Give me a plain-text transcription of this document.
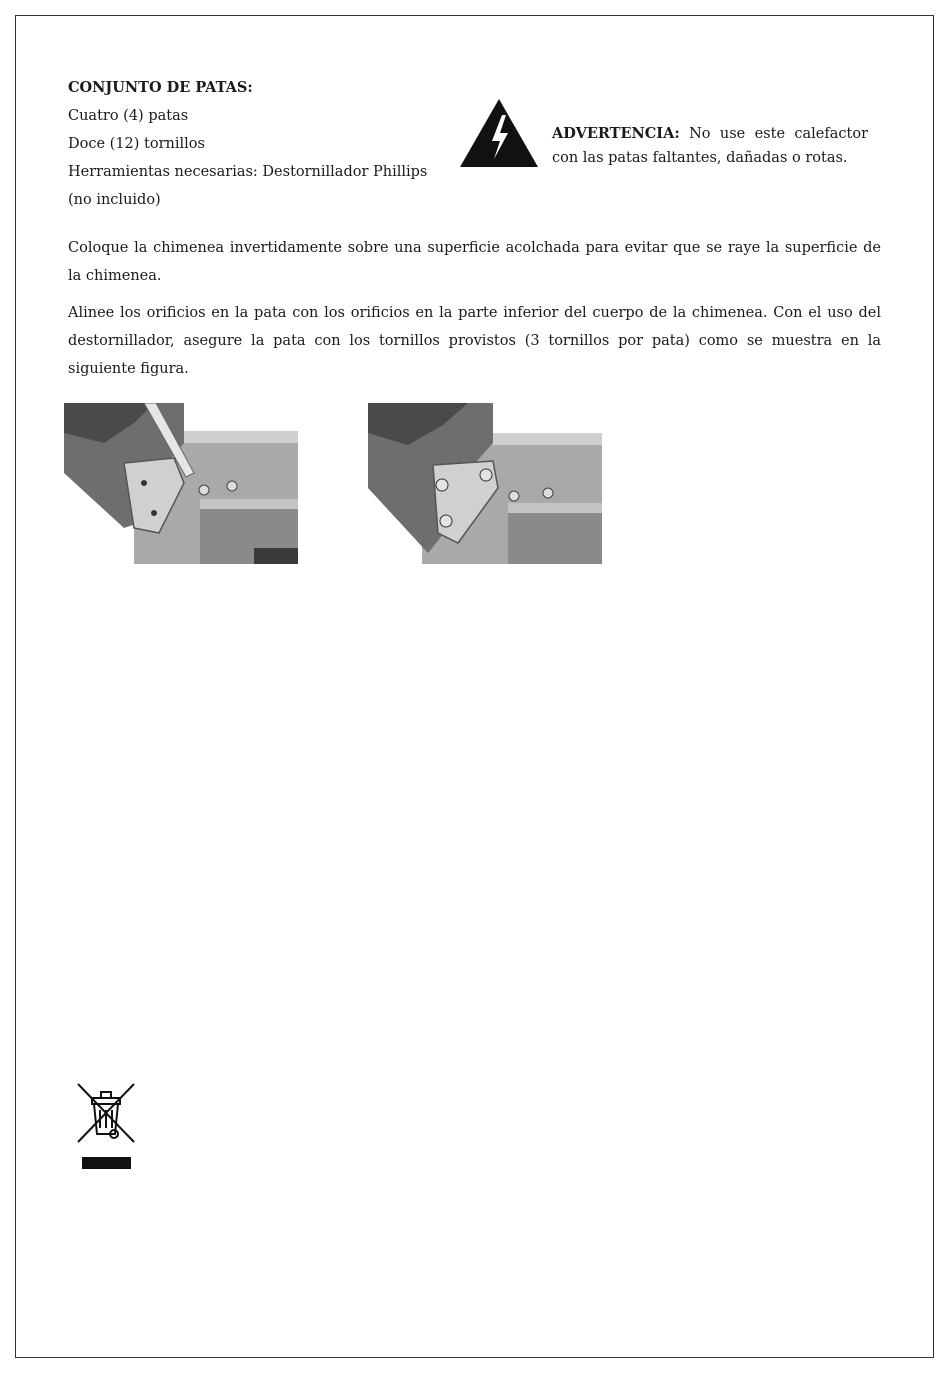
CONJUNTO DE PATAS:
Cuatro (4) patas
Doce (12) tornillos
Herramientas necesarias: Destornillador Phillips
(no incluido)
ADVERTENCIA: No use este calefactor con las patas faltantes, dañadas o rotas.
Coloque la chimenea invertidamente sobre una superficie acolchada para evitar que se raye la superficie de la chimenea.
Alinee los orificios en la pata con los orificios en la parte inferior del cuerpo de la chimenea. Con el uso del destornillador, asegure la pata con los tornillos provistos (3 tornillos por pata) como se muestra en la siguiente figura.
